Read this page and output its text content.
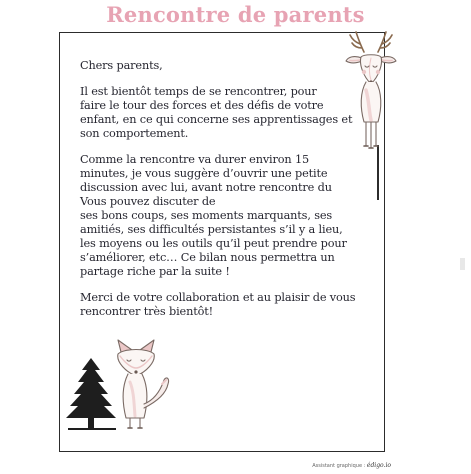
Rencontre de parents

Chers parents,

Il est bientôt temps de se rencontrer, pour
faire le tour des forces et des défis de votre
enfant, en ce qui concerne ses apprentissages et
son comportement.

Comme la rencontre va durer environ 15
minutes, je vous suggère d’ouvrir une petite
discussion avec lui, avant notre rencontre du
Vous pouvez discuter de
ses bons coups, ses moments marquants, ses
amitiés, ses difficultés persistantes s’il y a lieu,
les moyens ou les outils qu’il peut prendre pour
s’améliorer, etc… Ce bilan nous permettra un
partage riche par la suite !

Merci de votre collaboration et au plaisir de vous
rencontrer très bientôt!

Assistant graphique : édigo.io
